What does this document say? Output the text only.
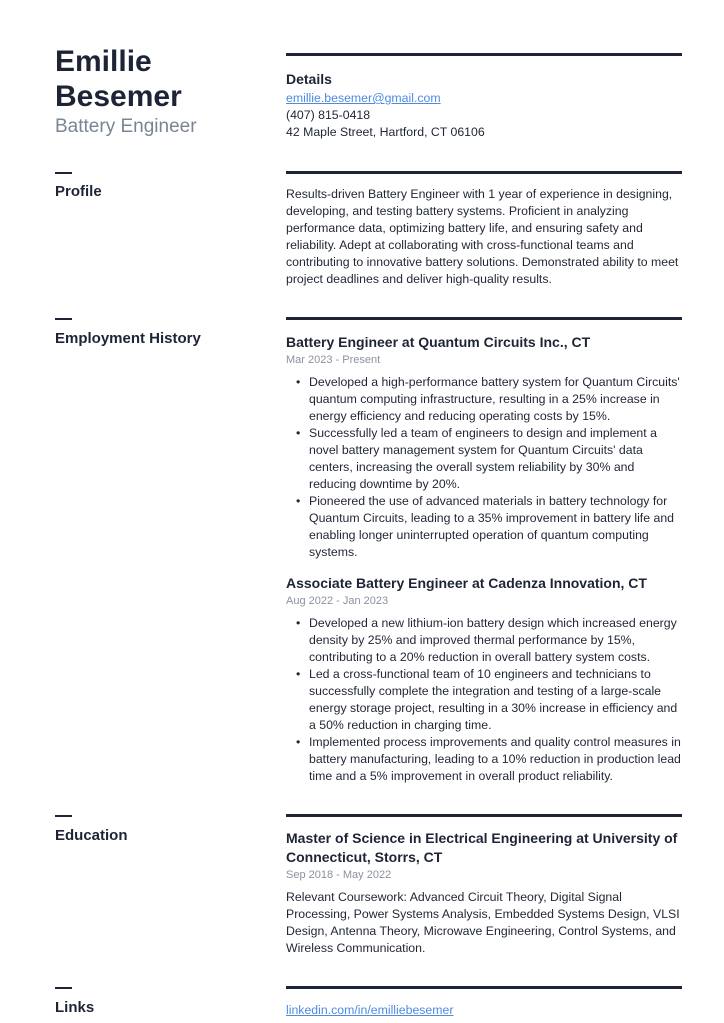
Emillie Besemer
Battery Engineer
Details
emillie.besemer@gmail.com
(407) 815-0418
42 Maple Street, Hartford, CT 06106
Profile	Results-driven Battery Engineer with 1 year of experience in designing, developing, and testing battery systems. Proficient in analyzing performance data, optimizing battery life, and ensuring safety and reliability. Adept at collaborating with cross-functional teams and contributing to innovative battery solutions. Demonstrated ability to meet project deadlines and deliver high-quality results.
Employment History	Battery Engineer at Quantum Circuits Inc., CT
Mar 2023 - Present
• Developed a high-performance battery system for Quantum Circuits' quantum computing infrastructure, resulting in a 25% increase in energy efficiency and reducing operating costs by 15%.
• Successfully led a team of engineers to design and implement a novel battery management system for Quantum Circuits' data centers, increasing the overall system reliability by 30% and reducing downtime by 20%.
• Pioneered the use of advanced materials in battery technology for Quantum Circuits, leading to a 35% improvement in battery life and enabling longer uninterrupted operation of quantum computing systems.
Associate Battery Engineer at Cadenza Innovation, CT
Aug 2022 - Jan 2023
• Developed a new lithium-ion battery design which increased energy density by 25% and improved thermal performance by 15%, contributing to a 20% reduction in overall battery system costs.
• Led a cross-functional team of 10 engineers and technicians to successfully complete the integration and testing of a large-scale energy storage project, resulting in a 30% increase in efficiency and a 50% reduction in charging time.
• Implemented process improvements and quality control measures in battery manufacturing, leading to a 10% reduction in production lead time and a 5% improvement in overall product reliability.
Education	Master of Science in Electrical Engineering at University of Connecticut, Storrs, CT
Sep 2018 - May 2022
Relevant Coursework: Advanced Circuit Theory, Digital Signal Processing, Power Systems Analysis, Embedded Systems Design, VLSI Design, Antenna Theory, Microwave Engineering, Control Systems, and Wireless Communication.
Links	linkedin.com/in/emilliebesemer
